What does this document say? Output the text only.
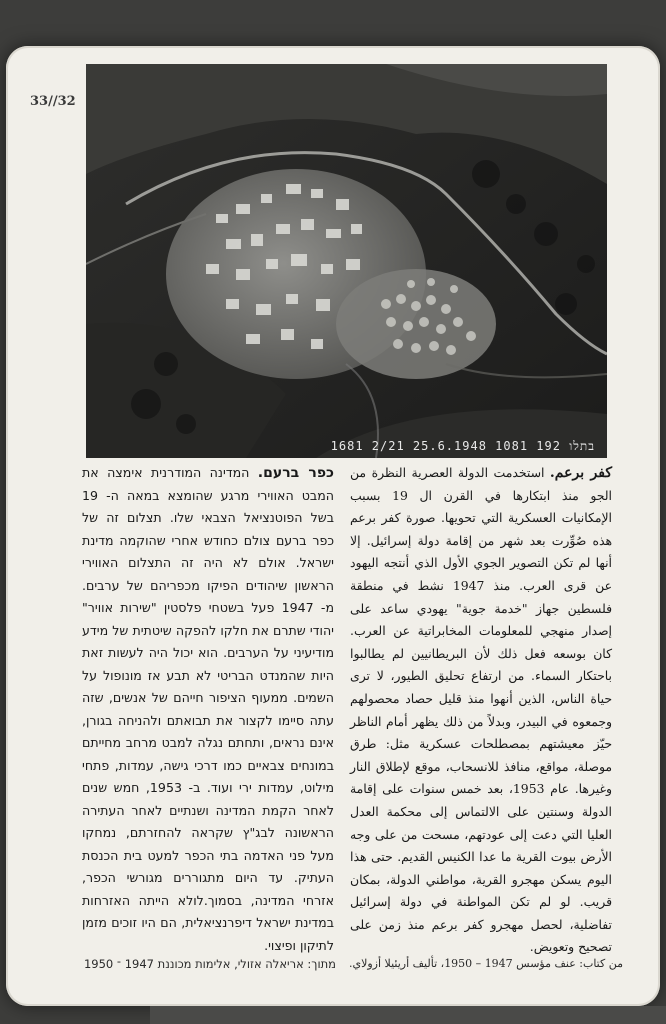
33//32
1681 2/21 25.6.1948 בתלו 192 1081
كفر برعم. استخدمت الدولة العصرية النظرة من الجو منذ ابتكارها في القرن ال 19 بسبب الإمكانيات العسكرية التي تحويها. صورة كفر برعم هذه صُوِّرت بعد شهر من إقامة دولة إسرائيل. إلا أنها لم تكن التصوير الجوي الأول الذي أنتجه اليهود عن قرى العرب. منذ 1947 نشط في منطقة فلسطين جهاز "خدمة جوية" يهودي ساعد على إصدار منهجي للمعلومات المخابراتية عن العرب. كان بوسعه فعل ذلك لأن البريطانيين لم يطالبوا باحتكار السماء. من ارتفاع تحليق الطيور، لا ترى حياة الناس، الذين أنهوا منذ قليل حصاد محصولهم وجمعوه في البيدر، وبدلاً من ذلك يظهر أمام الناظر حيّز معيشتهم بمصطلحات عسكرية مثل: طرق موصلة، مواقع، منافذ للانسحاب، موقع لإطلاق النار وغيرها. عام 1953، بعد خمس سنوات على إقامة الدولة وسنتين على الالتماس إلى محكمة العدل العليا التي دعت إلى عودتهم، مسحت من على وجه الأرض بيوت القرية ما عدا الكنيس القديم. حتى هذا اليوم يسكن مهجرو القرية، مواطني الدولة، بمكان قريب. لو لم تكن المواطنة في دولة إسرائيل تفاضلية، لحصل مهجرو كفر برعم منذ زمن على تصحيح وتعويض.
כפר ברעם. המדינה המודרנית אימצה את המבט האווירי מרגע שהומצא במאה ה- 19 בשל הפוטנציאל הצבאי שלו. תצלום זה של כפר ברעם צולם כחודש אחרי שהוקמה מדינת ישראל. אולם לא היה זה התצלום האווירי הראשון שיהודים הפיקו מכפריהם של ערבים. מ- 1947 פעל בשטחי פלסטין "שירות אוויר" יהודי שתרם את חלקו להפקה שיטתית של מידע מודיעיני על הערבים. הוא יכול היה לעשות זאת היות שהמנדט הבריטי לא תבע אז מונופול על השמים. ממעוף הציפור חייהם של אנשים, שזה עתה סיימו לקצור את תבואתם ולהניחה בגורן, אינם נראים, ותחתם נגלה למבט מרחב מחייתם במונחים צבאיים כמו דרכי גישה, עמדות, פתחי מילוט, עמדות ירי ועוד. ב- 1953, חמש שנים לאחר הקמת המדינה ושנתיים לאחר העתירה הראשונה לבג"ץ שקראה להחזרתם, נמחקו מעל פני האדמה בתי הכפר למעט בית הכנסת העתיק. עד היום מתגוררים מגורשי הכפר, אזרחי המדינה, בסמוך.לולא הייתה האזרחות במדינת ישראל דיפרנציאלית, הם היו זוכים מזמן לתיקון ופיצוי.
من كتاب: عنف مؤسس 1947 – 1950، تأليف أريئيلا أزولاي.
מתוך: אריאלה אזולי, אלימות מכוננת 1947 ־ 1950
